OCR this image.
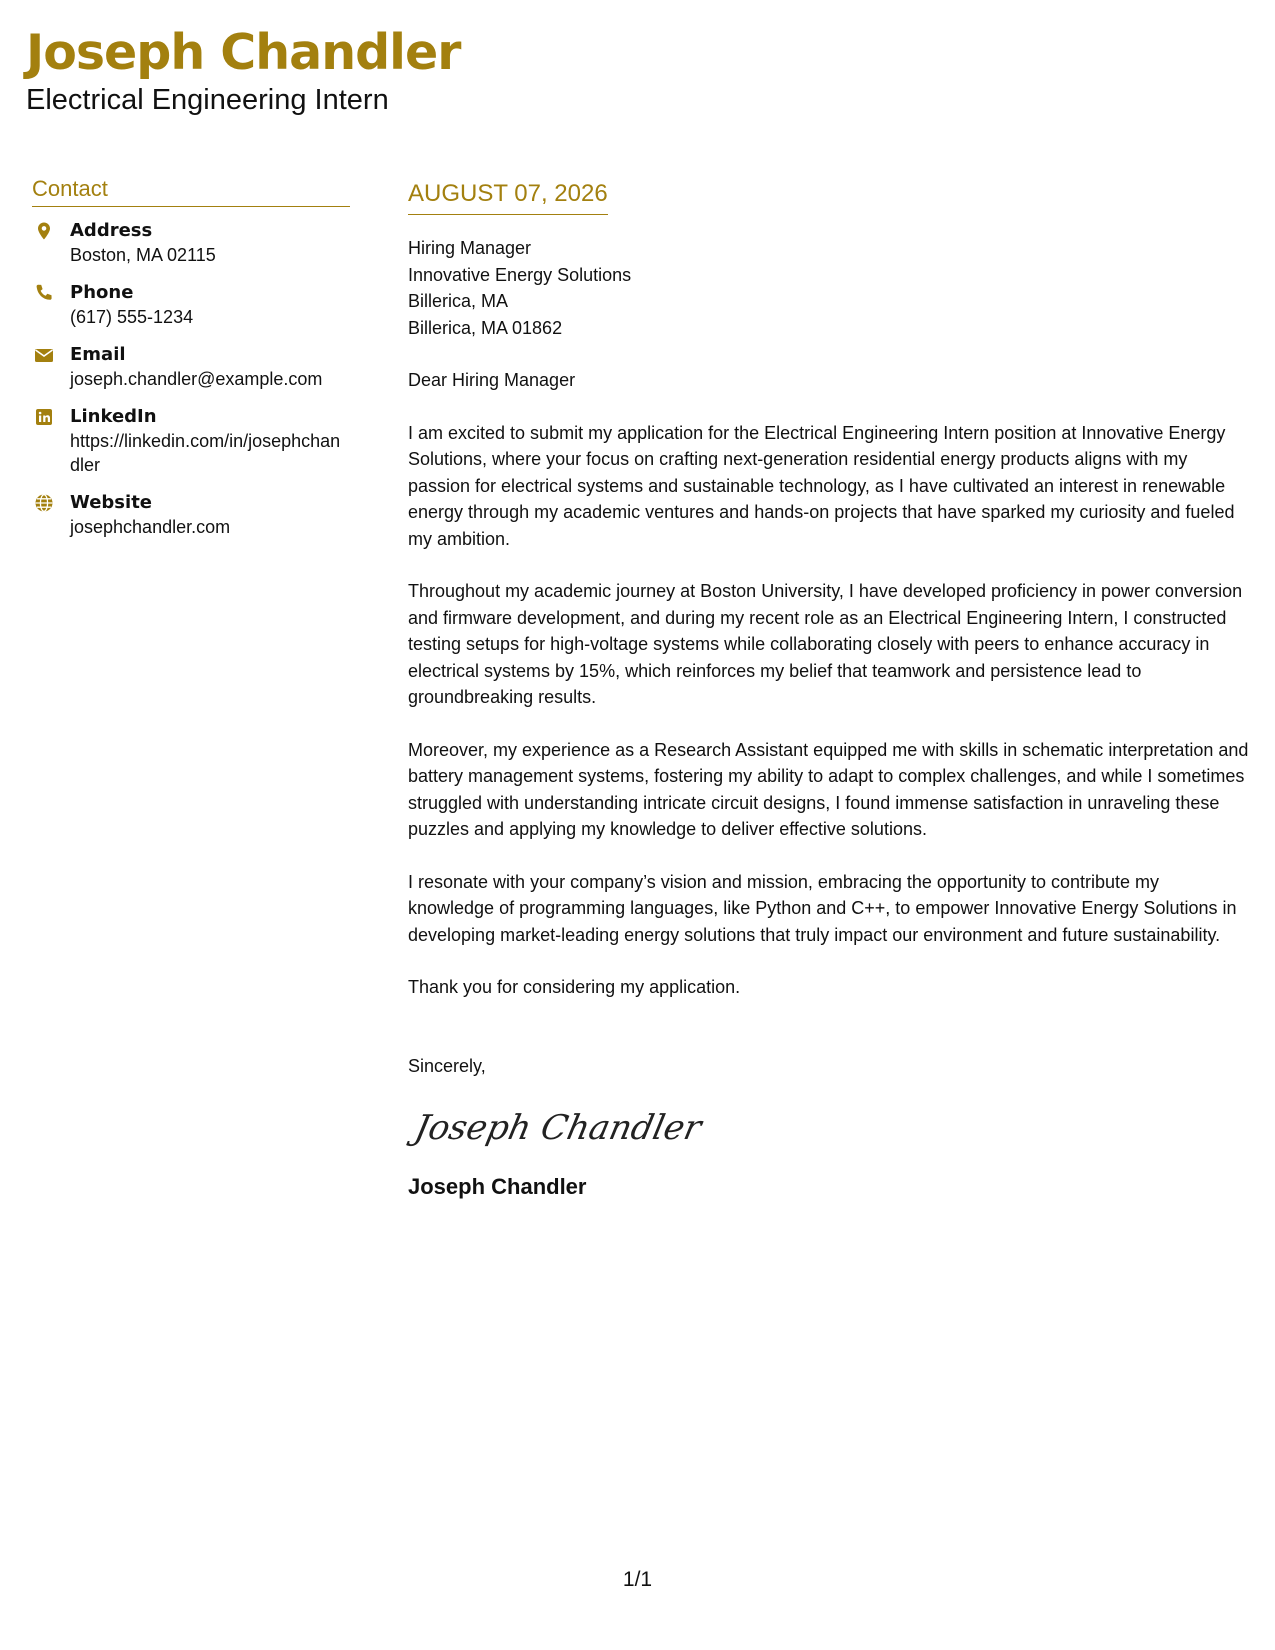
Joseph Chandler
Electrical Engineering Intern
Contact
Address
Boston, MA 02115
Phone
(617) 555-1234
Email
joseph.chandler@example.com
LinkedIn
https://linkedin.com/in/josephchandler
Website
josephchandler.com
AUGUST 07, 2026
Hiring Manager
Innovative Energy Solutions
Billerica, MA
Billerica, MA 01862
Dear Hiring Manager
I am excited to submit my application for the Electrical Engineering Intern position at Innovative Energy Solutions, where your focus on crafting next-generation residential energy products aligns with my passion for electrical systems and sustainable technology, as I have cultivated an interest in renewable energy through my academic ventures and hands-on projects that have sparked my curiosity and fueled my ambition.
Throughout my academic journey at Boston University, I have developed proficiency in power conversion and firmware development, and during my recent role as an Electrical Engineering Intern, I constructed testing setups for high-voltage systems while collaborating closely with peers to enhance accuracy in electrical systems by 15%, which reinforces my belief that teamwork and persistence lead to groundbreaking results.
Moreover, my experience as a Research Assistant equipped me with skills in schematic interpretation and battery management systems, fostering my ability to adapt to complex challenges, and while I sometimes struggled with understanding intricate circuit designs, I found immense satisfaction in unraveling these puzzles and applying my knowledge to deliver effective solutions.
I resonate with your company’s vision and mission, embracing the opportunity to contribute my knowledge of programming languages, like Python and C++, to empower Innovative Energy Solutions in developing market-leading energy solutions that truly impact our environment and future sustainability.
Thank you for considering my application.
Sincerely,
Joseph Chandler
Joseph Chandler
1/1
